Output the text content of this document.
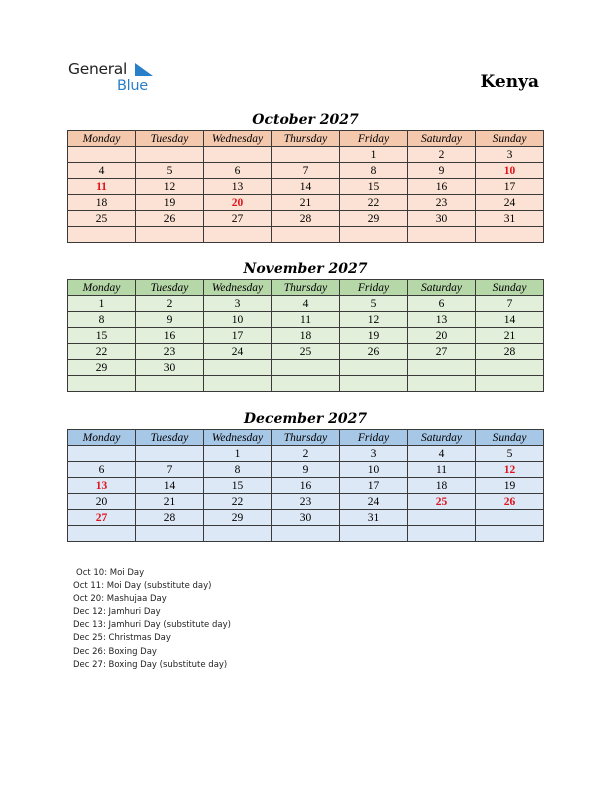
General
Blue	Kenya
October 2027
Monday	Tuesday	Wednesday	Thursday	Friday	Saturday	Sunday
				1	2	3
4	5	6	7	8	9	10
11	12	13	14	15	16	17
18	19	20	21	22	23	24
25	26	27	28	29	30	31

November 2027
Monday	Tuesday	Wednesday	Thursday	Friday	Saturday	Sunday
1	2	3	4	5	6	7
8	9	10	11	12	13	14
15	16	17	18	19	20	21
22	23	24	25	26	27	28
29	30					

December 2027
Monday	Tuesday	Wednesday	Thursday	Friday	Saturday	Sunday
		1	2	3	4	5
6	7	8	9	10	11	12
13	14	15	16	17	18	19
20	21	22	23	24	25	26
27	28	29	30	31		

Oct 10: Moi Day
Oct 11: Moi Day (substitute day)
Oct 20: Mashujaa Day
Dec 12: Jamhuri Day
Dec 13: Jamhuri Day (substitute day)
Dec 25: Christmas Day
Dec 26: Boxing Day
Dec 27: Boxing Day (substitute day)
